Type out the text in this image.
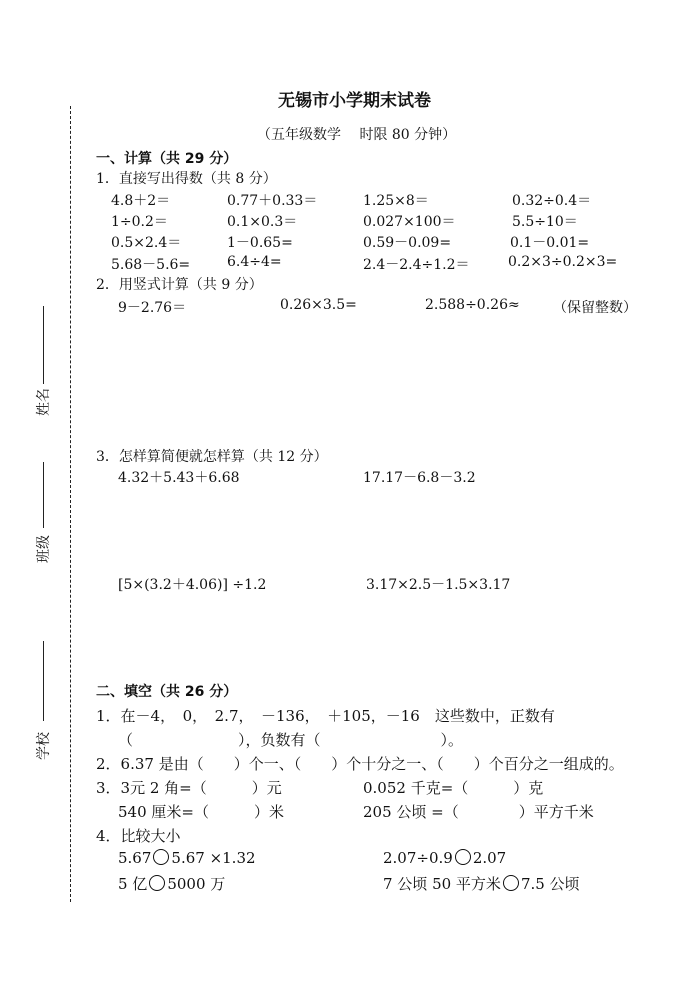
无锡市小学期末试卷
（五年级数学　 时限 80 分钟）
姓名
班级
学校
一、计算（共 29 分）
1．直接写出得数（共 8 分）
4.8＋2＝	0.77＋0.33＝	1.25×8＝	0.32÷0.4＝
1÷0.2＝	0.1×0.3＝	0.027×100＝	5.5÷10＝
0.5×2.4＝	1－0.65=	0.59－0.09=	0.1－0.01=
5.68－5.6=	6.4÷4=	2.4－2.4÷1.2＝	0.2×3÷0.2×3=
2．用竖式计算（共 9 分）
9－2.76＝	0.26×3.5=	2.588÷0.26≈ （保留整数）
3．怎样算简便就怎样算（共 12 分）
4.32＋5.43＋6.68	17.17－6.8－3.2
[5×(3.2＋4.06)] ÷1.2	3.17×2.5－1.5×3.17
二、填空（共 26 分）
1．在－4，　0，　2.7，　－136，　＋105，－16　这些数中，正数有
（　　　　　　　），负数有（　　　　　　　　）。
2．6.37 是由（　　）个一、（　　）个十分之一、（　　）个百分之一组成的。
3．3元 2 角=（　　　）元	0.052 千克=（　　　）克
540 厘米=（　　　）米	205 公顷 =（　　　　）平方千米
4．比较大小
5.67 5.67 ×1.32	2.07÷0.9 2.07
5 亿 5000 万	7 公顷 50 平方米 7.5 公顷
